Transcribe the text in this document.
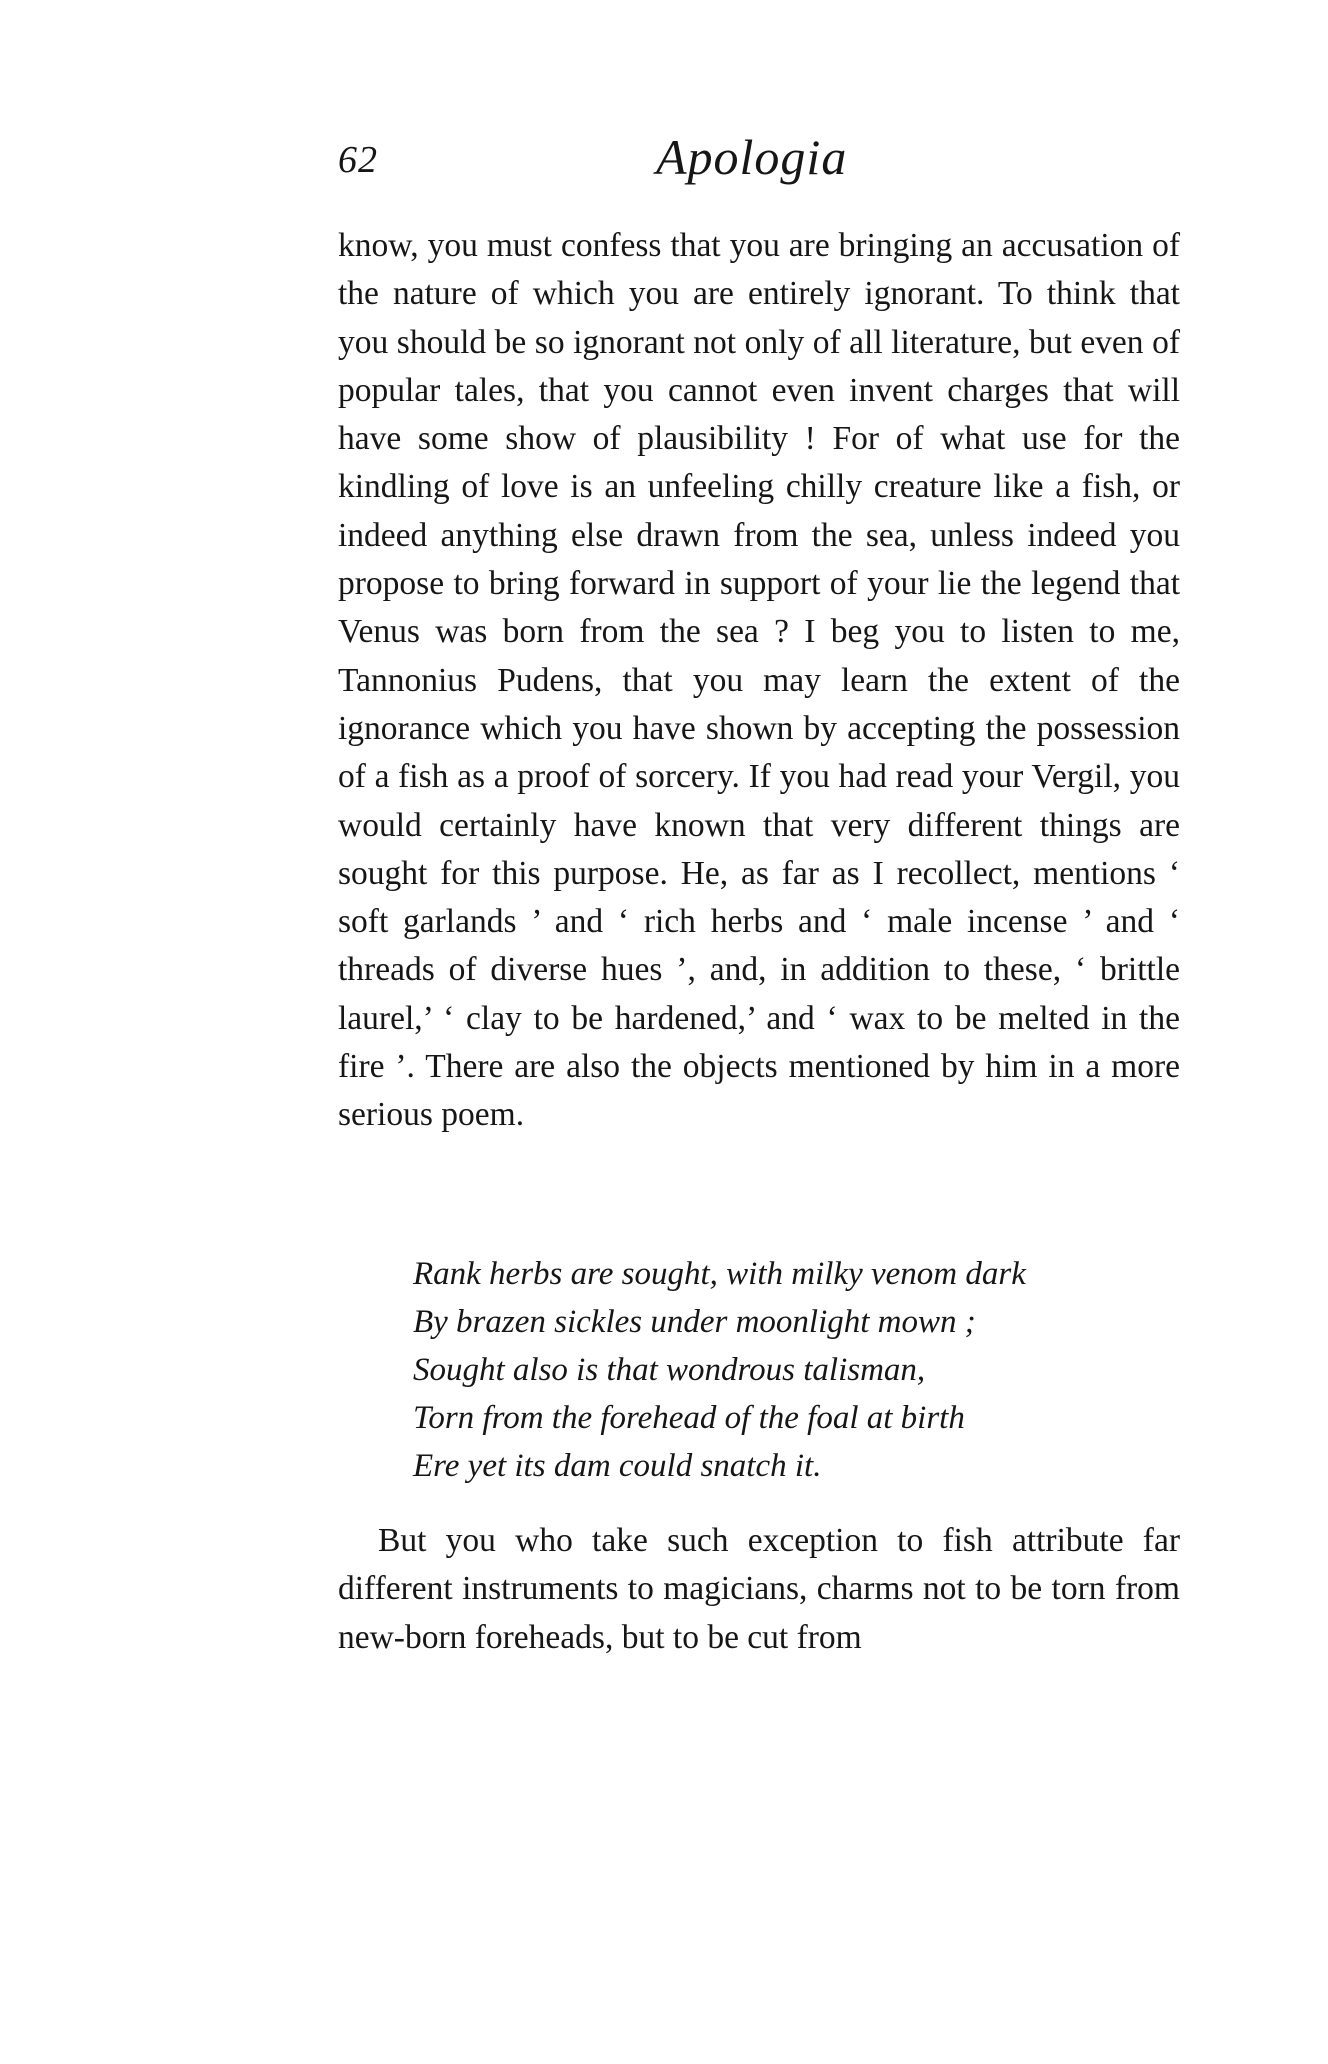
62	Apologia

know, you must confess that you are bringing an accusation of the nature of which you are entirely ignorant. To think that you should be so ignorant not only of all literature, but even of popular tales, that you cannot even invent charges that will have some show of plausibility ! For of what use for the kindling of love is an unfeeling chilly creature like a fish, or indeed anything else drawn from the sea, unless indeed you propose to bring forward in support of your lie the legend that Venus was born from the sea ? I beg you to listen to me, Tannonius Pudens, that you may learn the extent of the ignorance which you have shown by accepting the possession of a fish as a proof of sorcery. If you had read your Vergil, you would certainly have known that very different things are sought for this purpose. He, as far as I recollect, mentions ‘ soft garlands ’ and ‘ rich herbs and ‘ male incense ’ and ‘ threads of diverse hues ’, and, in addition to these, ‘ brittle laurel,’ ‘ clay to be hardened,’ and ‘ wax to be melted in the fire ’. There are also the objects mentioned by him in a more serious poem.

Rank herbs are sought, with milky venom dark
By brazen sickles under moonlight mown ;
Sought also is that wondrous talisman,
Torn from the forehead of the foal at birth
Ere yet its dam could snatch it.

But you who take such exception to fish attribute far different instruments to magicians, charms not to be torn from new-born foreheads, but to be cut from
